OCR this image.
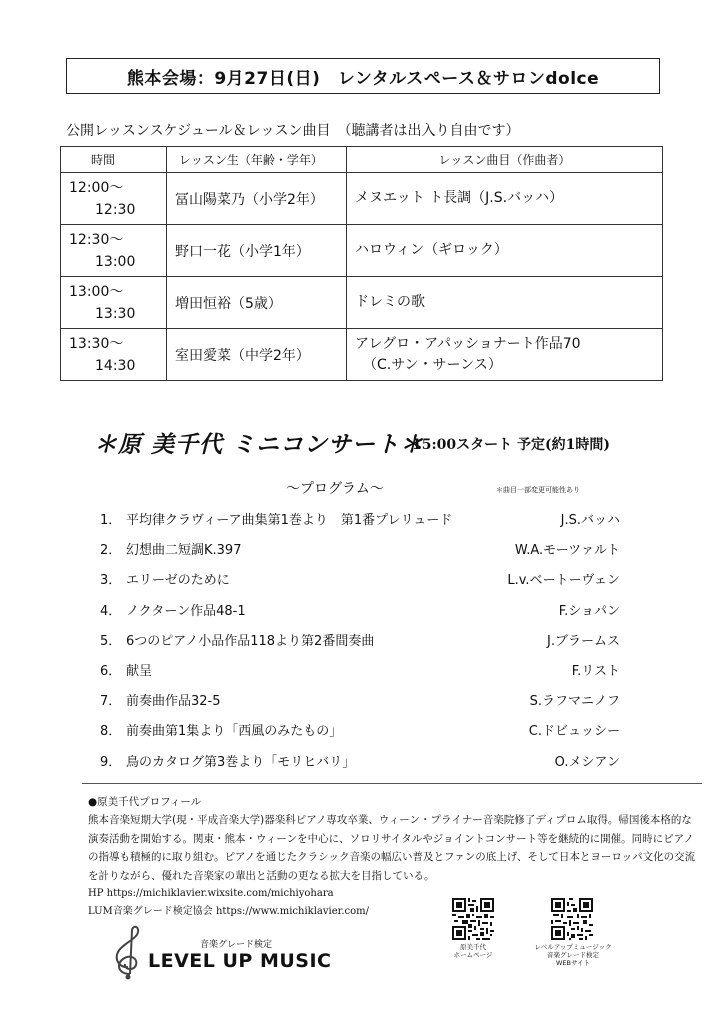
熊本会場：9月27日(日)　レンタルスペース＆サロンdolce
公開レッスンスケジュール＆レッスン曲目　（聴講者は出入り自由です）
時間	レッスン生（年齢・学年）	レッスン曲目（作曲者）

12:00～
12:30	冨山陽菜乃（小学2年）	メヌエット ト長調（J.S.バッハ）

12:30～
13:00	野口一花（小学1年）	ハロウィン（ギロック）

13:00～
13:30	増田恒裕（5歳）	ドレミの歌

13:30～
14:30	室田愛菜（中学2年）	アレグロ・アパッショナート作品70
（C.サン・サーンス）
＊原 美千代 ミニコンサート＊
15:00スタート 予定(約1時間)
～プログラム～	＊曲目一部変更可能性あり
1． 平均律クラヴィーア曲集第1巻より　第1番プレリュード	J.S.バッハ
2． 幻想曲二短調K.397	W.A.モーツァルト
3． エリーゼのために	L.v.ベートーヴェン
4． ノクターン作品48-1	F.ショパン
5． 6つのピアノ小品作品118より第2番間奏曲	J.ブラームス
6． 献呈	F.リスト
7． 前奏曲作品32-5	S.ラフマニノフ
8． 前奏曲第1集より「西風のみたもの」	C.ドビュッシー
9． 鳥のカタログ第3巻より「モリヒバリ」	O.メシアン
●原美千代プロフィール
熊本音楽短期大学(現・平成音楽大学)器楽科ピアノ専攻卒業、ウィーン・プライナー音楽院修了ディプロム取得。帰国後本格的な演奏活動を開始する。関東・熊本・ウィーンを中心に、ソロリサイタルやジョイントコンサート等を継続的に開催。同時にピアノの指導も積極的に取り組む。ピアノを通じたクラシック音楽の幅広い普及とファンの底上げ、そして日本とヨーロッパ文化の交流を計りながら、優れた音楽家の輩出と活動の更なる拡大を目指している。
HP https://michiklavier.wixsite.com/michiyohara
LUM音楽グレード検定協会 https://www.michiklavier.com/
音楽グレード検定
LEVEL UP MUSIC
原美千代
ホームページ
レベルアップミュージック
音楽グレード検定
WEBサイト
